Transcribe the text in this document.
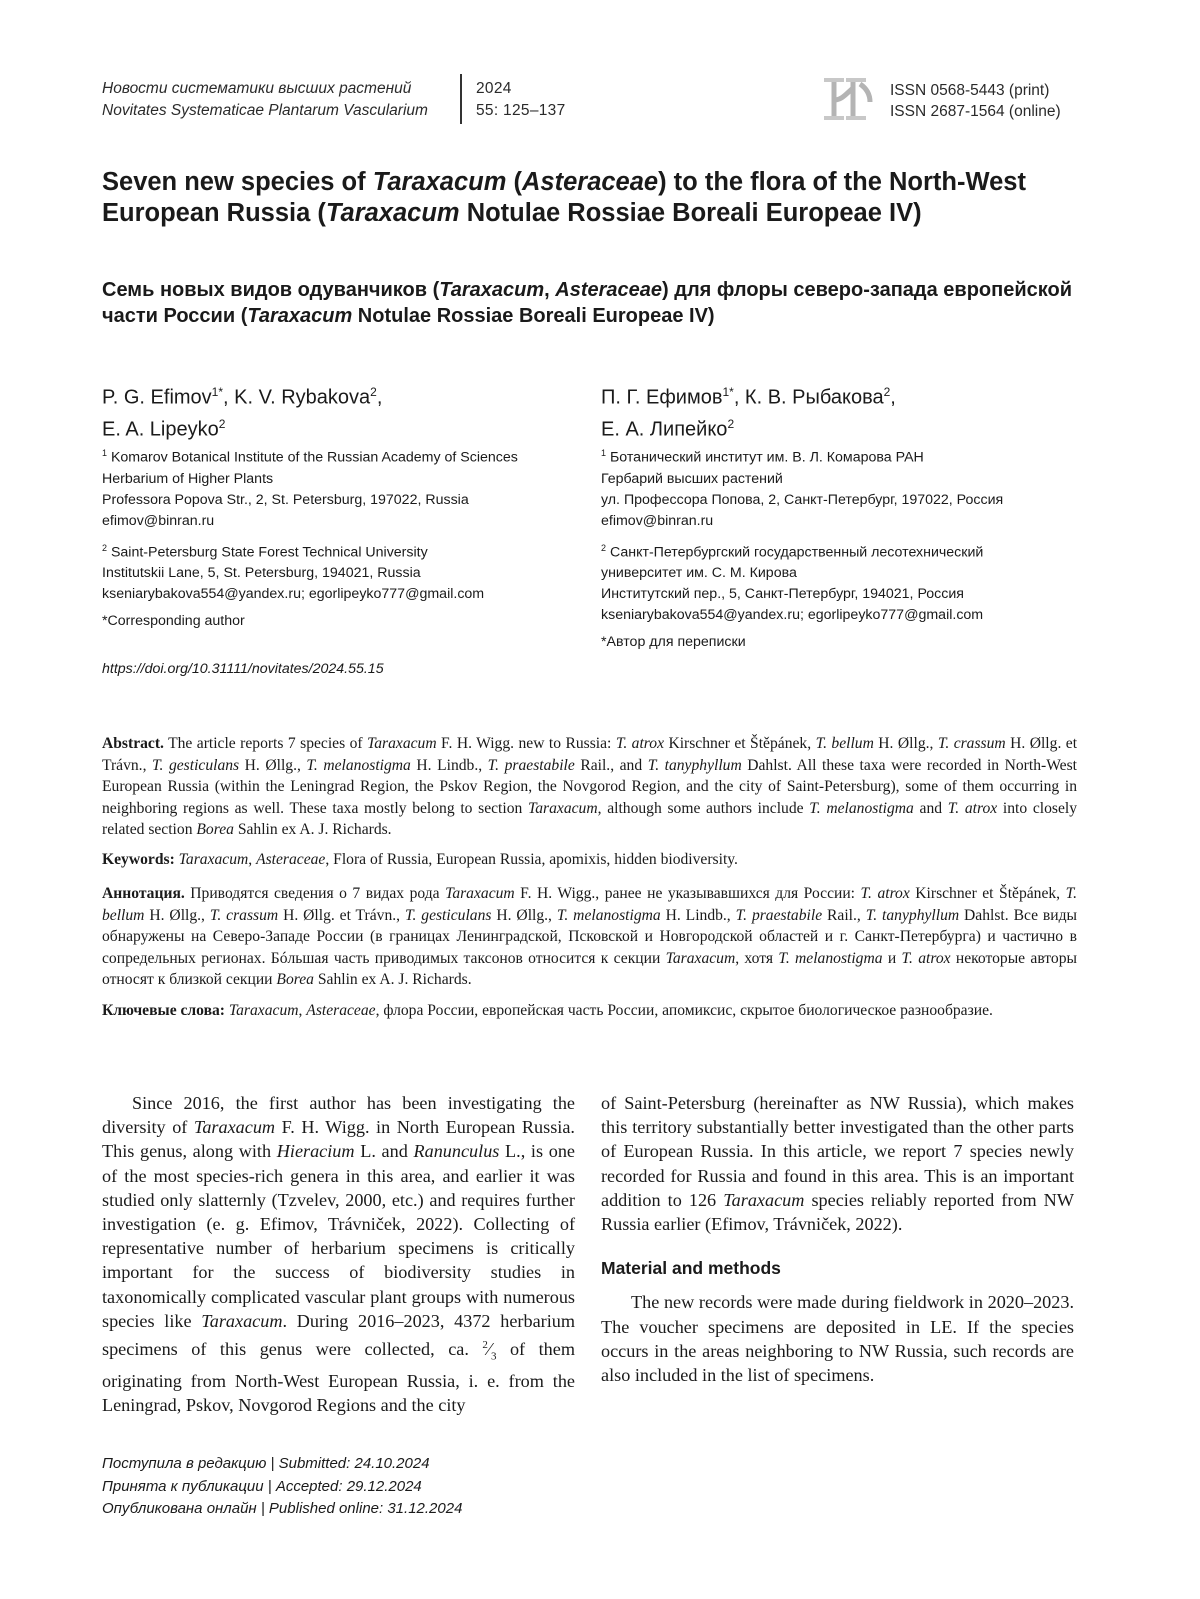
Новости систематики высших растений
Novitates Systematicae Plantarum Vascularium
2024
55: 125–137
ISSN 0568-5443 (print)
ISSN 2687-1564 (online)
Seven new species of Taraxacum (Asteraceae) to the flora of the North-West European Russia (Taraxacum Notulae Rossiae Boreali Europeae IV)
Семь новых видов одуванчиков (Taraxacum, Asteraceae) для флоры северо-запада европейской части России (Taraxacum Notulae Rossiae Boreali Europeae IV)
P. G. Efimov$^{1*}$, K. V. Rybakova$^2$,
E. A. Lipeyko$^2$
П. Г. Ефимов$^{1*}$, К. В. Рыбакова$^2$,
Е. А. Липейко$^2$

$^1$ Komarov Botanical Institute of the Russian Academy of Sciences
Herbarium of Higher Plants
Professora Popova Str., 2, St. Petersburg, 197022, Russia
efimov@binran.ru

$^2$ Saint-Petersburg State Forest Technical University
Institutskii Lane, 5, St. Petersburg, 194021, Russia
kseniarybakova554@yandex.ru; egorlipeyko777@gmail.com

*Corresponding author

$^1$ Ботанический институт им. В. Л. Комарова РАН
Гербарий высших растений
ул. Профессора Попова, 2, Санкт-Петербург, 197022, Россия
efimov@binran.ru

$^2$ Санкт-Петербургский государственный лесотехнический
университет им. С. М. Кирова
Институтский пер., 5, Санкт-Петербург, 194021, Россия
kseniarybakova554@yandex.ru; egorlipeyko777@gmail.com

*Автор для переписки

https://doi.org/10.31111/novitates/2024.55.15
Abstract. The article reports 7 species of Taraxacum F. H. Wigg. new to Russia: T. atrox Kirschner et Štěpánek, T. bellum H. Øllg., T. crassum H. Øllg. et Trávn., T. gesticulans H. Øllg., T. melanostigma H. Lindb., T. praestabile Rail., and T. tanyphyllum Dahlst. All these taxa were recorded in North-West European Russia (within the Leningrad Region, the Pskov Region, the Novgorod Region, and the city of Saint-Petersburg), some of them occurring in neighboring regions as well. These taxa mostly belong to section Taraxacum, although some authors include T. melanostigma and T. atrox into closely related section Borea Sahlin ex A. J. Richards.
Keywords: Taraxacum, Asteraceae, Flora of Russia, European Russia, apomixis, hidden biodiversity.
Аннотация. Приводятся сведения о 7 видах рода Taraxacum F. H. Wigg., ранее не указывавшихся для России: T. atrox Kirschner et Štěpánek, T. bellum H. Øllg., T. crassum H. Øllg. et Trávn., T. gesticulans H. Øllg., T. melanostigma H. Lindb., T. praestabile Rail., T. tanyphyllum Dahlst. Все виды обнаружены на Северо-Западе России (в границах Ленинградской, Псковской и Новгородской областей и г. Санкт-Петербурга) и частично в сопредельных регионах. Бóльшая часть приводимых таксонов относится к секции Taraxacum, хотя T. melanostigma и T. atrox некоторые авторы относят к близкой секции Borea Sahlin ex A. J. Richards.
Ключевые слова: Taraxacum, Asteraceae, флора России, европейская часть России, апомиксис, скрытое биологическое разнообразие.

Since 2016, the first author has been investigating the diversity of Taraxacum F. H. Wigg. in North European Russia. This genus, along with Hieracium L. and Ranunculus L., is one of the most species-rich genera in this area, and earlier it was studied only slatternly (Tzvelev, 2000, etc.) and requires further investigation (e. g. Efimov, Trávniček, 2022). Collecting of representative number of herbarium specimens is critically important for the success of biodiversity studies in taxonomically complicated vascular plant groups with numerous species like Taraxacum. During 2016–2023, 4372 herbarium specimens of this genus were collected, ca. $^2⁄_3$ of them originating from North-West European Russia, i. e. from the Leningrad, Pskov, Novgorod Regions and the city

of Saint-Petersburg (hereinafter as NW Russia), which makes this territory substantially better investigated than the other parts of European Russia. In this article, we report 7 species newly recorded for Russia and found in this area. This is an important addition to 126 Taraxacum species reliably reported from NW Russia earlier (Efimov, Trávniček, 2022).

Material and methods

The new records were made during fieldwork in 2020–2023. The voucher specimens are deposited in LE. If the species occurs in the areas neighboring to NW Russia, such records are also included in the list of specimens.

Поступила в редакцию | Submitted: 24.10.2024
Принята к публикации | Accepted: 29.12.2024
Опубликована онлайн | Published online: 31.12.2024
